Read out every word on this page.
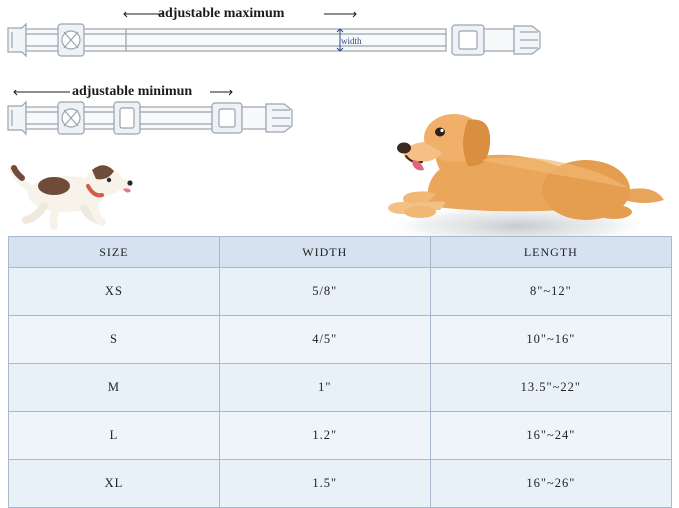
adjustable maximum
width
adjustable minimun
SIZE	WIDTH	LENGTH
XS	5/8"	8"~12"
S	4/5"	10"~16"
M	1"	13.5"~22"
L	1.2"	16"~24"
XL	1.5"	16"~26"
